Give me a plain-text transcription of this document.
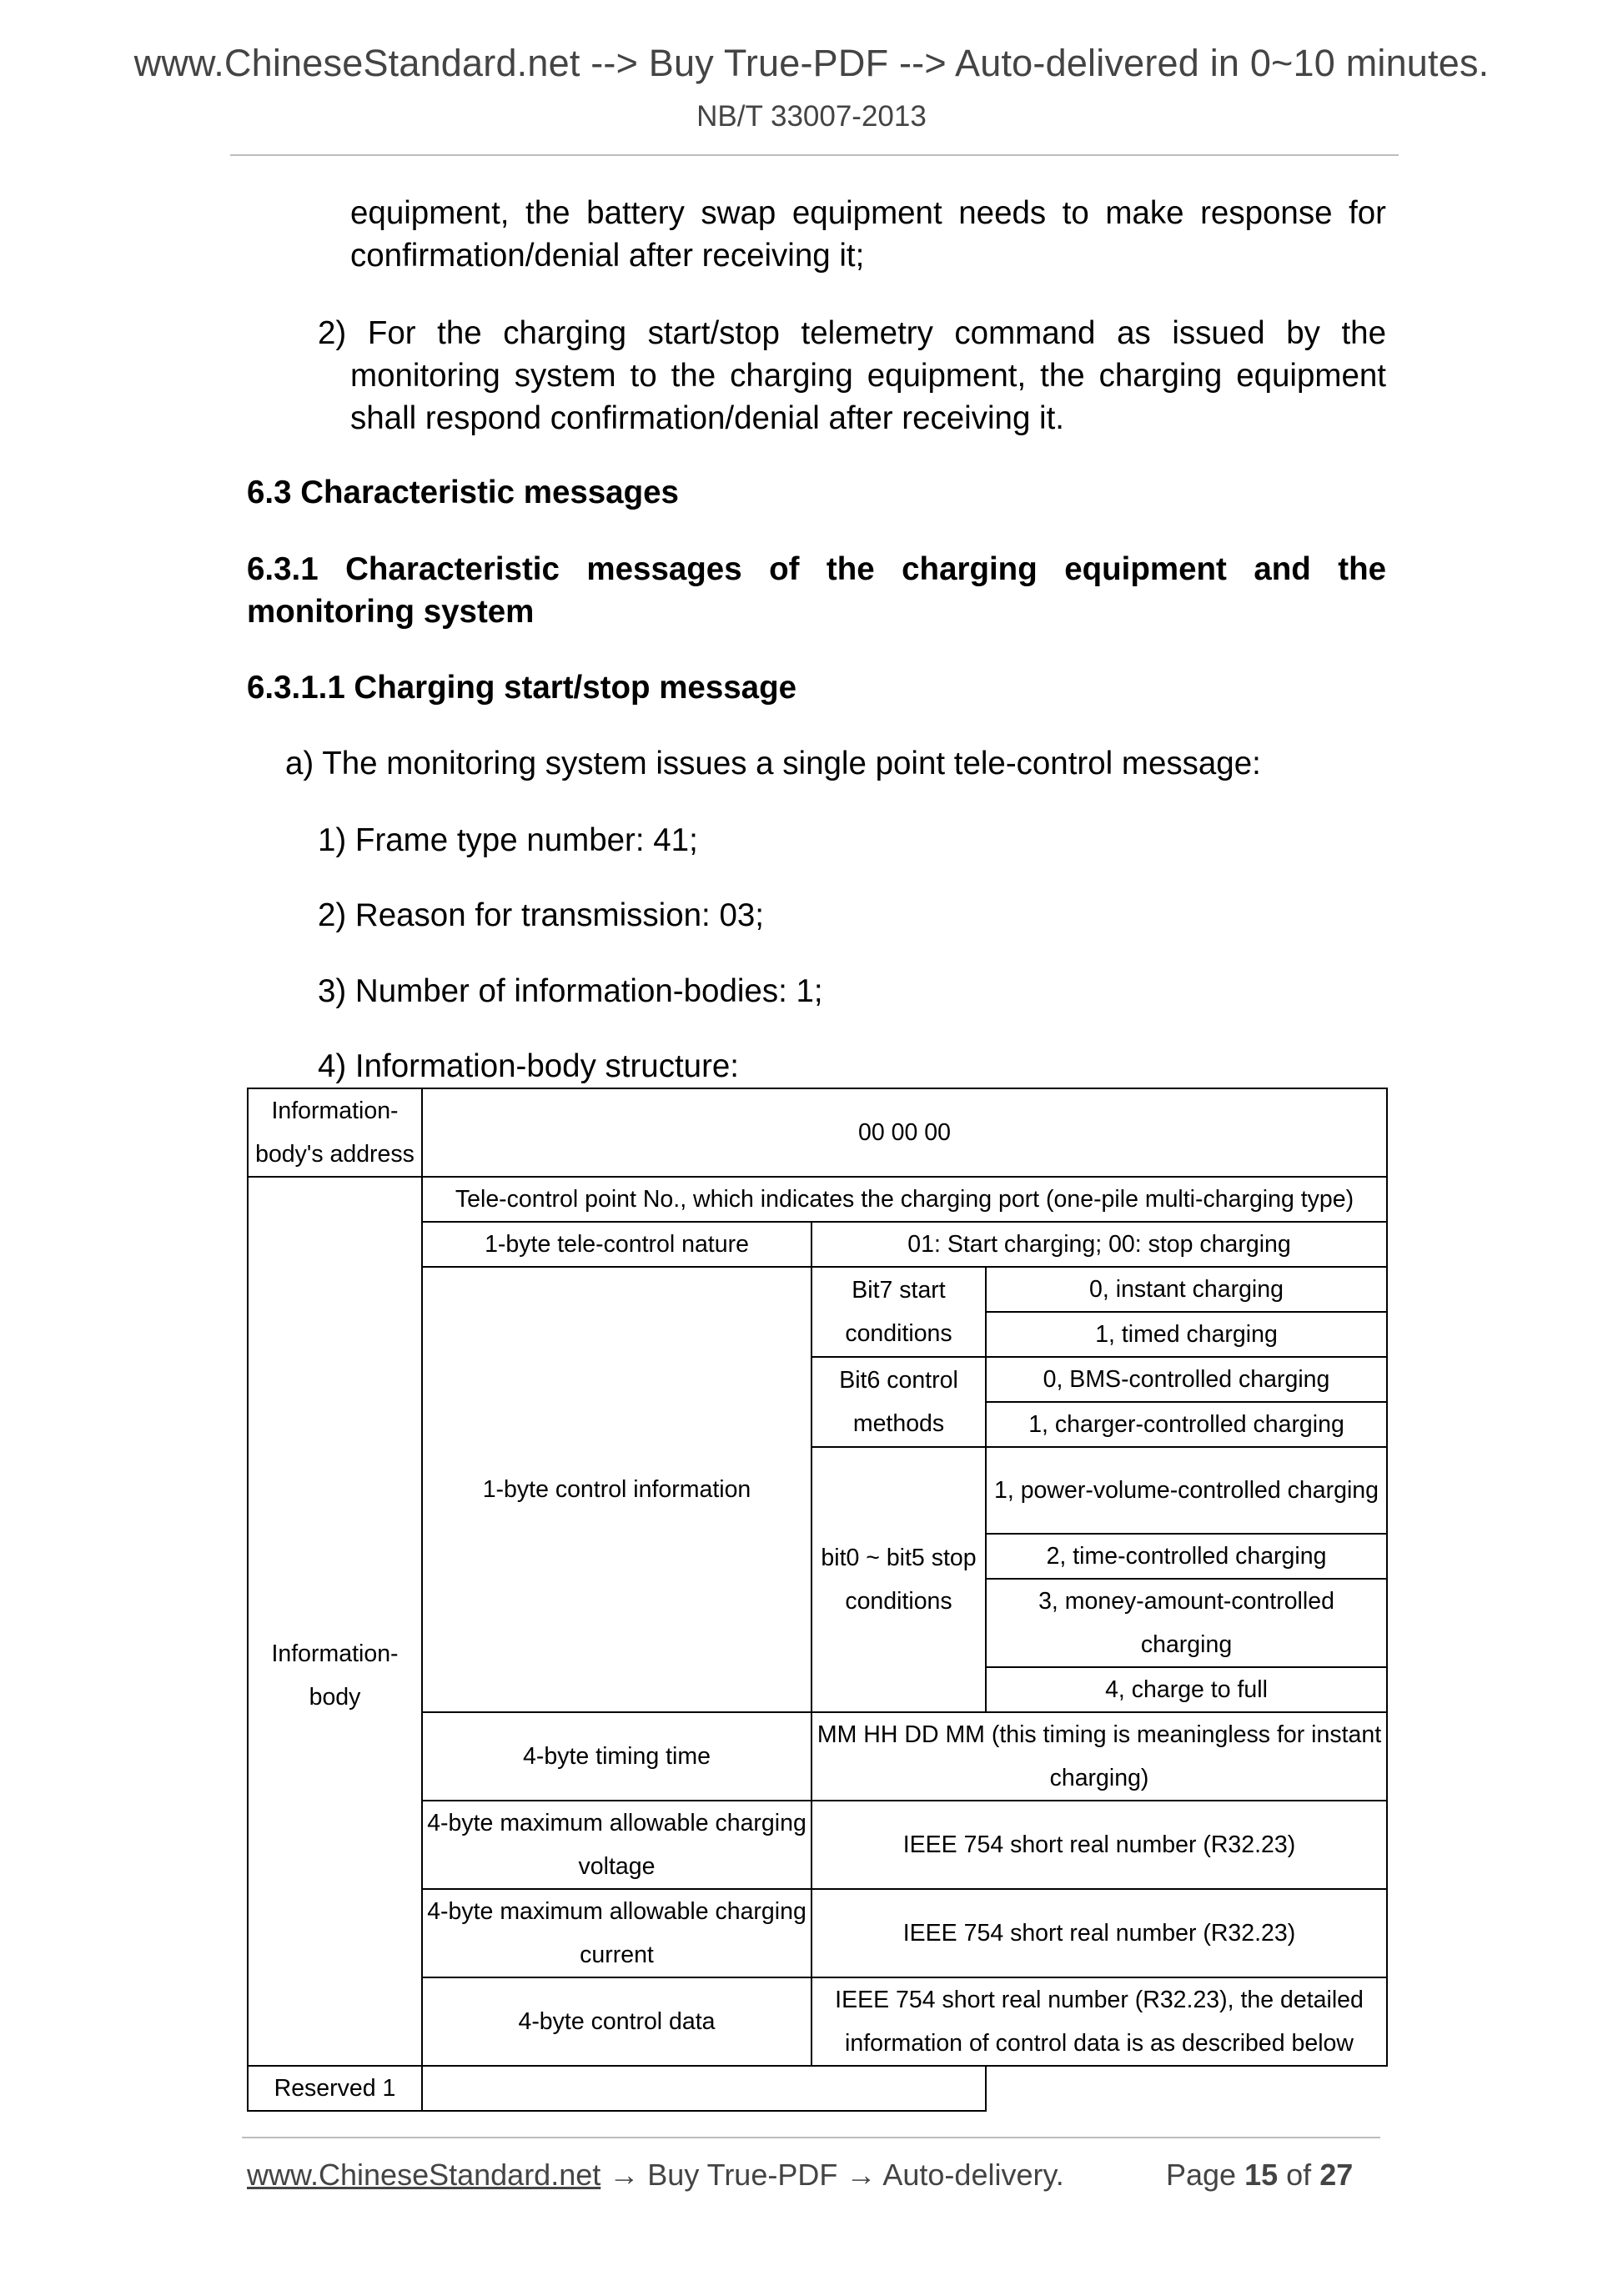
www.ChineseStandard.net --> Buy True-PDF --> Auto-delivered in 0~10 minutes.
NB/T 33007-2013
equipment, the battery swap equipment needs to make response for confirmation/denial after receiving it;
2) For the charging start/stop telemetry command as issued by the monitoring system to the charging equipment, the charging equipment shall respond confirmation/denial after receiving it.
6.3 Characteristic messages
6.3.1 Characteristic messages of the charging equipment and the monitoring system
6.3.1.1 Charging start/stop message
a) The monitoring system issues a single point tele-control message:
1) Frame type number: 41;
2) Reason for transmission: 03;
3) Number of information-bodies: 1;
4) Information-body structure:
Information-body's address	00 00 00		
Information-body	Tele-control point No., which indicates the charging port (one-pile multi-charging type)		
	1-byte tele-control nature	01: Start charging; 00: stop charging	
	1-byte control information	Bit7 start conditions	0, instant charging
			1, timed charging
		Bit6 control methods	0, BMS-controlled charging
			1, charger-controlled charging
		bit0 ~ bit5 stop conditions	1, power-volume-controlled charging

			2, time-controlled charging
			3, money-amount-controlled charging

			4, charge to full
	4-byte timing time	MM HH DD MM (this timing is meaningless for instant charging)	
	4-byte maximum allowable charging voltage	IEEE 754 short real number (R32.23)	
	4-byte maximum allowable charging current	IEEE 754 short real number (R32.23)	
	4-byte control data	IEEE 754 short real number (R32.23), the detailed information of control data is as described below	
Reserved 1			
www.ChineseStandard.net → Buy True-PDF → Auto-delivery.	Page 15 of 27
